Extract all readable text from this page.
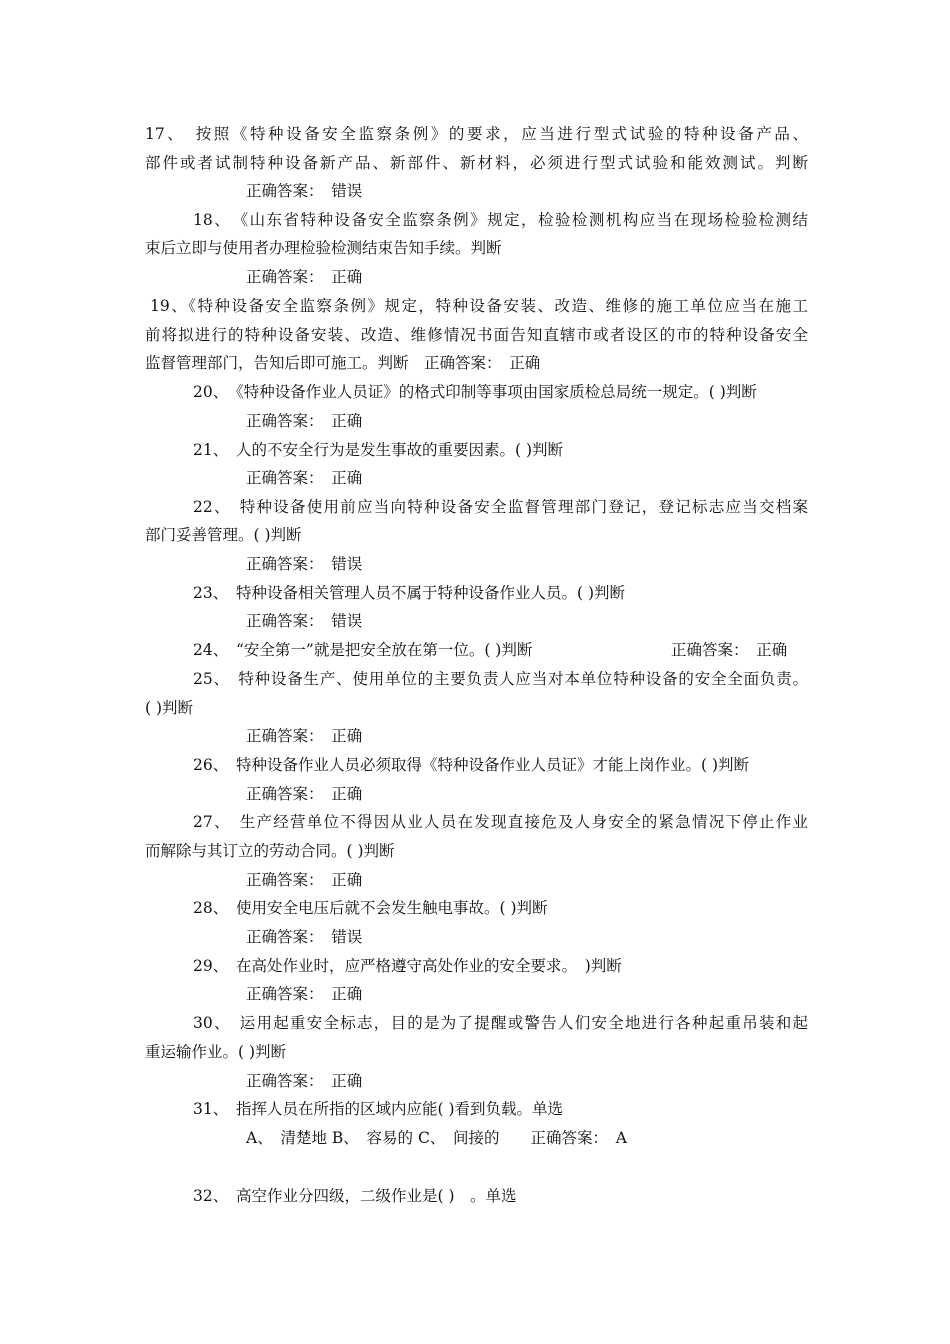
17、　按照《特种设备安全监察条例》的要求，应当进行型式试验的特种设备产品、
部件或者试制特种设备新产品、新部件、新材料，必须进行型式试验和能效测试。判断
正确答案：　错误
18、　《山东省特种设备安全监察条例》规定，检验检测机构应当在现场检验检测结
束后立即与使用者办理检验检测结束告知手续。判断
正确答案：　正确
19、《特种设备安全监察条例》规定，特种设备安装、改造、维修的施工单位应当在施工
前将拟进行的特种设备安装、改造、维修情况书面告知直辖市或者设区的市的特种设备安全
监督管理部门，告知后即可施工。判断　正确答案：　正确
20、　《特种设备作业人员证》的格式印制等事项由国家质检总局统一规定。( )判断
正确答案：　正确
21、　人的不安全行为是发生事故的重要因素。( )判断
正确答案：　正确
22、　特种设备使用前应当向特种设备安全监督管理部门登记，登记标志应当交档案
部门妥善管理。( )判断
正确答案：　错误
23、　特种设备相关管理人员不属于特种设备作业人员。( )判断
正确答案：　错误
24、　“安全第一”就是把安全放在第一位。( )判断	正确答案：　正确
25、　特种设备生产、使用单位的主要负责人应当对本单位特种设备的安全全面负责。
( )判断
正确答案：　正确
26、　特种设备作业人员必须取得《特种设备作业人员证》才能上岗作业。( )判断
正确答案：　正确
27、　生产经营单位不得因从业人员在发现直接危及人身安全的紧急情况下停止作业
而解除与其订立的劳动合同。( )判断
正确答案：　正确
28、　使用安全电压后就不会发生触电事故。( )判断
正确答案：　错误
29、　在高处作业时，应严格遵守高处作业的安全要求。　)判断
正确答案：　正确
30、　运用起重安全标志，目的是为了提醒或警告人们安全地进行各种起重吊装和起
重运输作业。( )判断
正确答案：　正确
31、　指挥人员在所指的区域内应能( )看到负载。单选
A、　清楚地 B、　容易的 C、　间接的　　正确答案：　A
32、　高空作业分四级，二级作业是( )　。单选
